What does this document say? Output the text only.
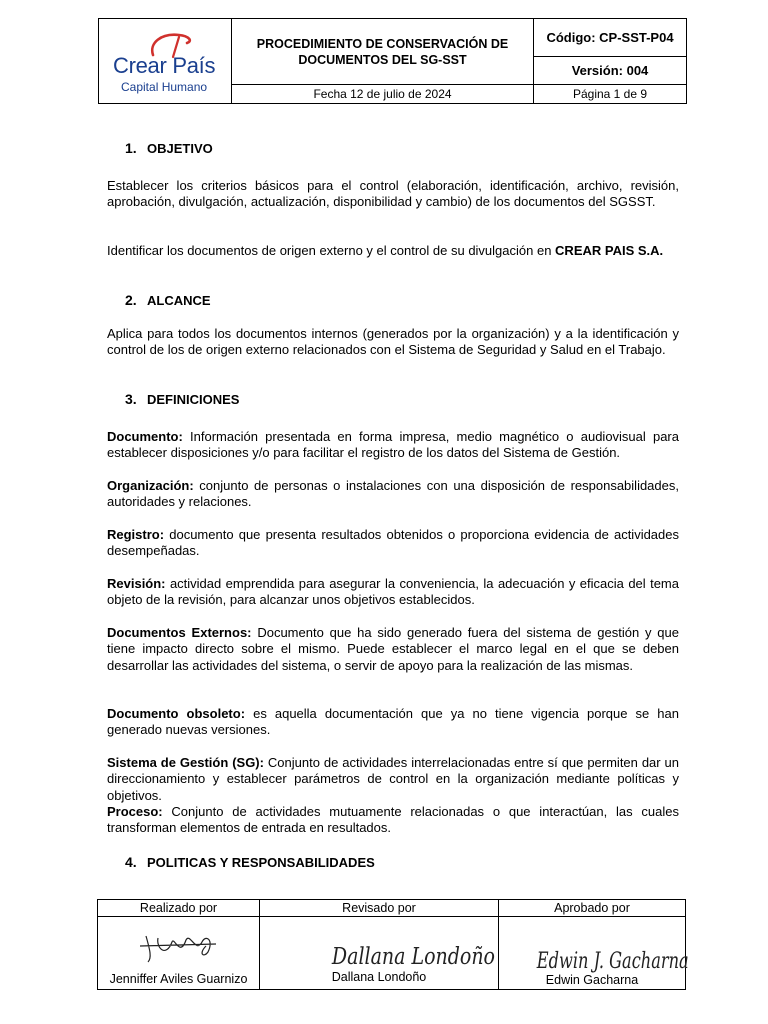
Crear País
Capital Humano
PROCEDIMIENTO DE CONSERVACIÓN DE DOCUMENTOS DEL SG-SST
Código: CP-SST-P04
Versión: 004
Fecha 12 de julio de 2024	Página 1 de 9
1. OBJETIVO
Establecer los criterios básicos para el control (elaboración, identificación, archivo, revisión, aprobación, divulgación, actualización, disponibilidad y cambio) de los documentos del SGSST.
Identificar los documentos de origen externo y el control de su divulgación en CREAR PAIS S.A.
2. ALCANCE
Aplica para todos los documentos internos (generados por la organización) y a la identificación y control de los de origen externo relacionados con el Sistema de Seguridad y Salud en el Trabajo.
3. DEFINICIONES
Documento: Información presentada en forma impresa, medio magnético o audiovisual para establecer disposiciones y/o para facilitar el registro de los datos del Sistema de Gestión.
Organización: conjunto de personas o instalaciones con una disposición de responsabilidades, autoridades y relaciones.
Registro: documento que presenta resultados obtenidos o proporciona evidencia de actividades desempeñadas.
Revisión: actividad emprendida para asegurar la conveniencia, la adecuación y eficacia del tema objeto de la revisión, para alcanzar unos objetivos establecidos.
Documentos Externos: Documento que ha sido generado fuera del sistema de gestión y que tiene impacto directo sobre el mismo. Puede establecer el marco legal en el que se deben desarrollar las actividades del sistema, o servir de apoyo para la realización de las mismas.
Documento obsoleto: es aquella documentación que ya no tiene vigencia porque se han generado nuevas versiones.
Sistema de Gestión (SG): Conjunto de actividades interrelacionadas entre sí que permiten dar un direccionamiento y establecer parámetros de control en la organización mediante políticas y objetivos.
Proceso: Conjunto de actividades mutuamente relacionadas o que interactúan, las cuales transforman elementos de entrada en resultados.
4. POLITICAS Y RESPONSABILIDADES
Realizado por
Jenniffer Aviles Guarnizo
Revisado por
Dallana Londoño
Dallana Londoño
Aprobado por
Edwin J. Gacharna
Edwin Gacharna
